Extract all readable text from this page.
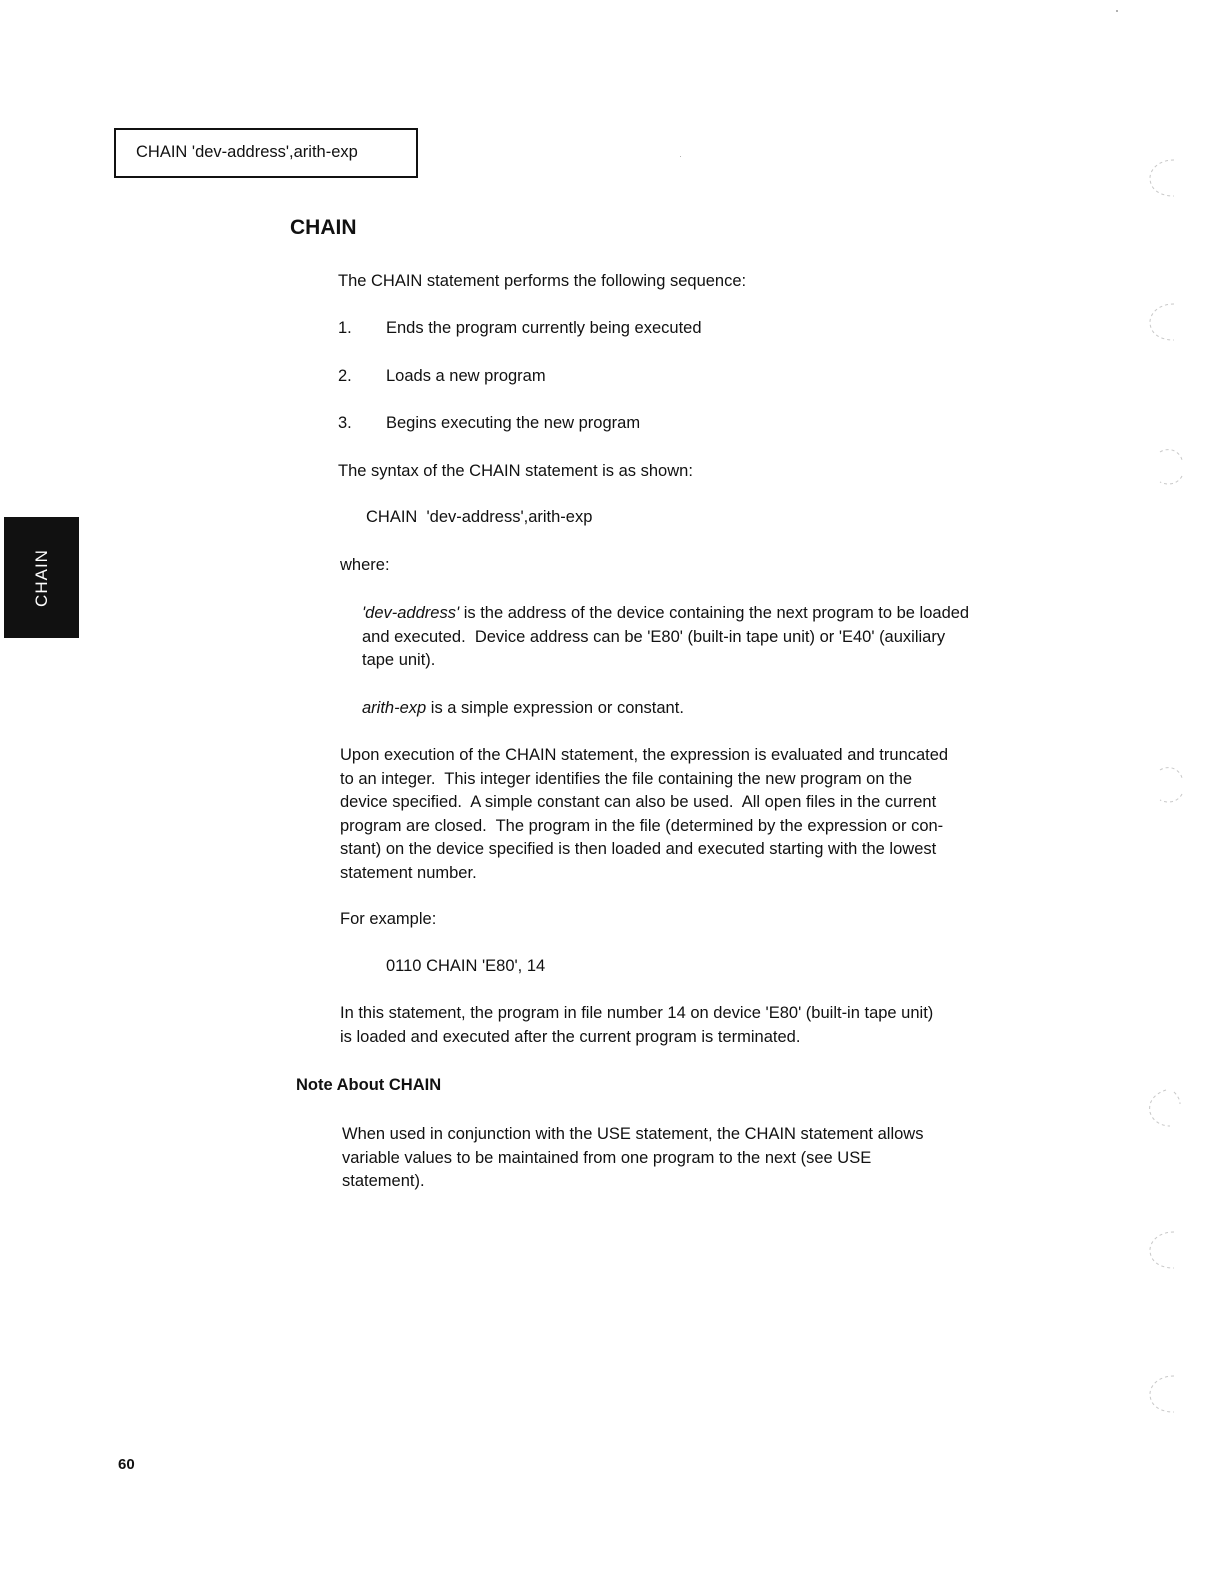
CHAIN 'dev-address',arith-exp
CHAIN

The CHAIN statement performs the following sequence:

1.	Ends the program currently being executed
2.	Loads a new program
3.	Begins executing the new program

The syntax of the CHAIN statement is as shown:

CHAIN  'dev-address',arith-exp

where:

'dev-address' is the address of the device containing the next program to be loaded

and executed.  Device address can be 'E80' (built-in tape unit) or 'E40' (auxiliary

tape unit).

arith-exp is a simple expression or constant.

Upon execution of the CHAIN statement, the expression is evaluated and truncated

to an integer.  This integer identifies the file containing the new program on the

device specified.  A simple constant can also be used.  All open files in the current

program are closed.  The program in the file (determined by the expression or con-

stant) on the device specified is then loaded and executed starting with the lowest

statement number.

For example:

0110 CHAIN 'E80', 14

In this statement, the program in file number 14 on device 'E80' (built-in tape unit)

is loaded and executed after the current program is terminated.

Note About CHAIN

When used in conjunction with the USE statement, the CHAIN statement allows

variable values to be maintained from one program to the next (see USE

statement).

CHAIN
60
